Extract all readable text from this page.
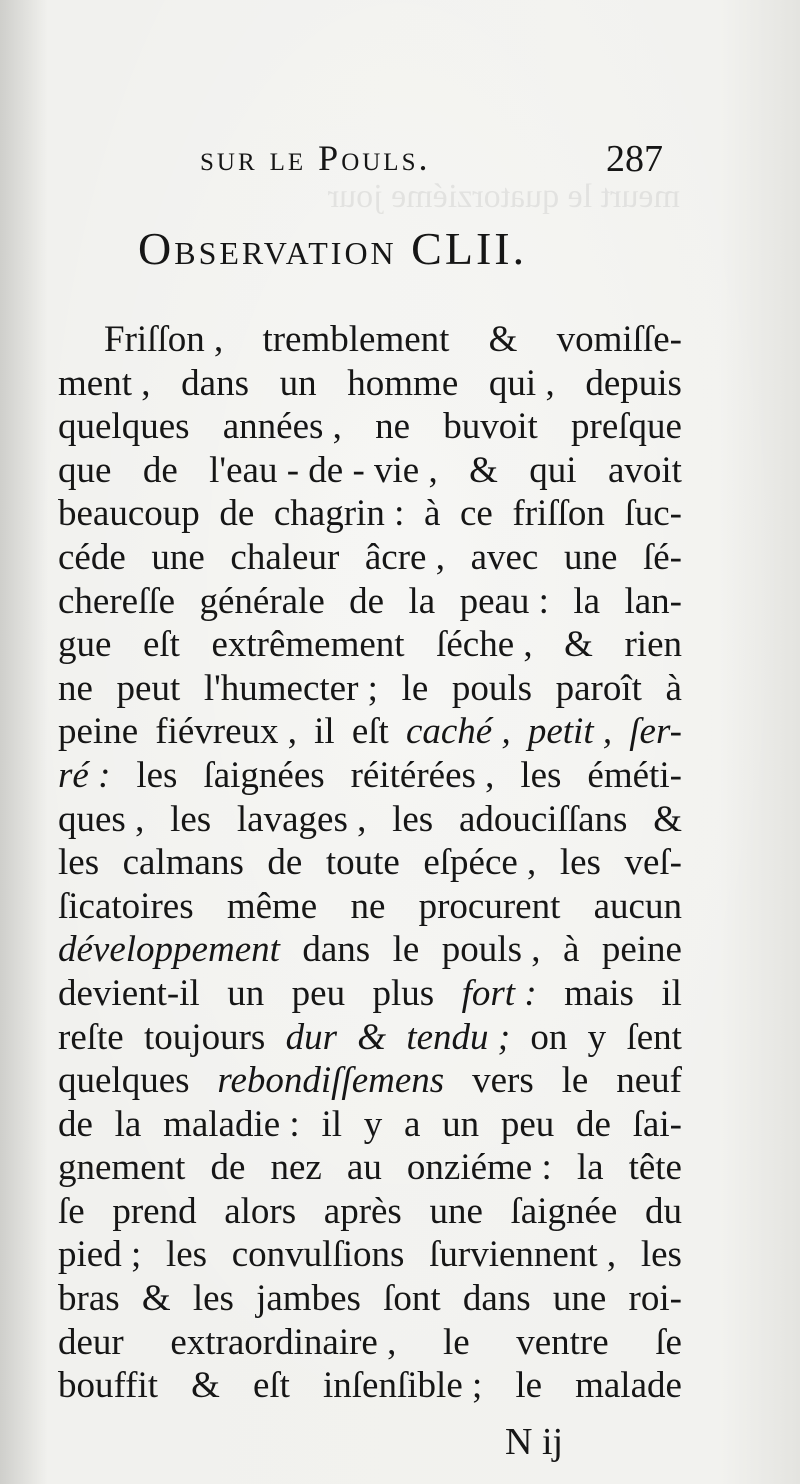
meurt le quatorziéme jour
sur le Pouls.	287
Observation CLII.
Friſſon , tremblement & vomiſſe-
ment , dans un homme qui , depuis
quelques années , ne buvoit preſque
que de l'eau - de - vie , & qui avoit
beaucoup de chagrin : à ce friſſon ſuc-
céde une chaleur âcre , avec une ſé-
chereſſe générale de la peau : la lan-
gue eſt extrêmement ſéche , & rien
ne peut l'humecter ; le pouls paroît à
peine fiévreux , il eſt caché , petit , ſer-
ré : les ſaignées réitérées , les éméti-
ques , les lavages , les adouciſſans &
les calmans de toute eſpéce , les veſ-
ſicatoires même ne procurent aucun
développement dans le pouls , à peine
devient-il un peu plus fort : mais il
reſte toujours dur & tendu ; on y ſent
quelques rebondiſſemens vers le neuf
de la maladie : il y a un peu de ſai-
gnement de nez au onziéme : la tête
ſe prend alors après une ſaignée du
pied ; les convulſions ſurviennent , les
bras & les jambes ſont dans une roi-
deur extraordinaire , le ventre ſe
bouffit & eſt inſenſible ; le malade
N ij
